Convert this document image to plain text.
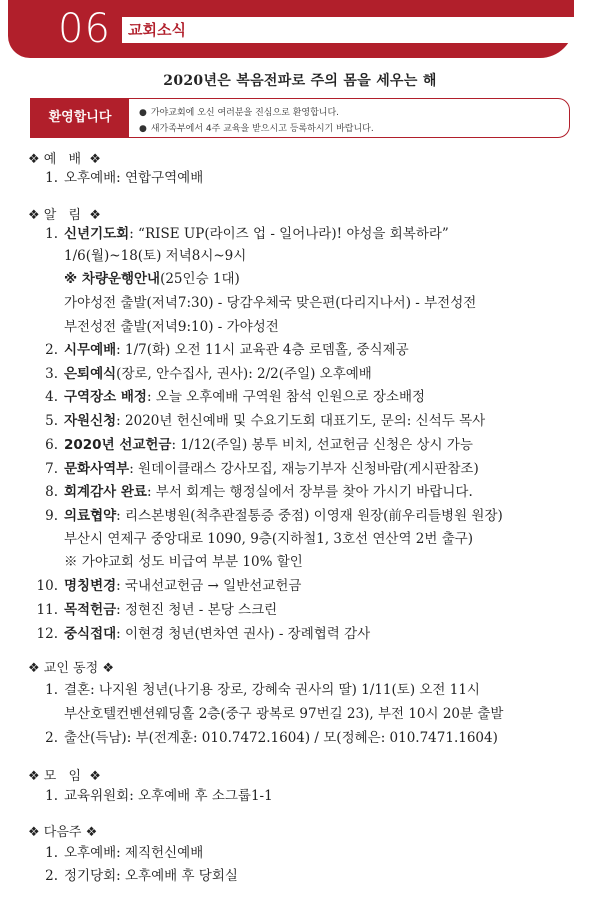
06	교회소식
2020년은 복음전파로 주의 몸을 세우는 해
환영합니다	● 가야교회에 오신 여러분을 진심으로 환영합니다.
● 새가족부에서 4주 교육을 받으시고 등록하시기 바랍니다.
❖ 예 배 ❖
1. 오후예배: 연합구역예배
❖ 알 림 ❖
1. 신년기도회: “RISE UP(라이즈 업 - 일어나라)! 야성을 회복하라”
1/6(월)~18(토) 저녁8시~9시
※ 차량운행안내(25인승 1대)
가야성전 출발(저녁7:30) - 당감우체국 맞은편(다리지나서) - 부전성전
부전성전 출발(저녁9:10) - 가야성전
2. 시무예배: 1/7(화) 오전 11시 교육관 4층 로뎀홀, 중식제공
3. 은퇴예식(장로, 안수집사, 권사): 2/2(주일) 오후예배
4. 구역장소 배정: 오늘 오후예배 구역원 참석 인원으로 장소배정
5. 자원신청: 2020년 헌신예배 및 수요기도회 대표기도, 문의: 신석두 목사
6. 2020년 선교헌금: 1/12(주일) 봉투 비치, 선교헌금 신청은 상시 가능
7. 문화사역부: 원데이클래스 강사모집, 재능기부자 신청바람(게시판참조)
8. 회계감사 완료: 부서 회계는 행정실에서 장부를 찾아 가시기 바랍니다.
9. 의료협약: 리스본병원(척추관절통증 중점) 이영재 원장(前우리들병원 원장)
부산시 연제구 중앙대로 1090, 9층(지하철1, 3호선 연산역 2번 출구)
※ 가야교회 성도 비급여 부분 10% 할인
10. 명칭변경: 국내선교헌금 → 일반선교헌금
11. 목적헌금: 정현진 청년 - 본당 스크린
12. 중식접대: 이현경 청년(변차연 권사) - 장례협력 감사
❖ 교인 동정 ❖
1. 결혼: 나지원 청년(나기용 장로, 강혜숙 권사의 딸) 1/11(토) 오전 11시
부산호텔컨벤션웨딩홀 2층(중구 광복로 97번길 23), 부전 10시 20분 출발
2. 출산(득남): 부(전계훈: 010.7472.1604) / 모(정혜은: 010.7471.1604)
❖ 모 임 ❖
1. 교육위원회: 오후예배 후 소그룹1-1
❖ 다음주 ❖
1. 오후예배: 제직헌신예배
2. 정기당회: 오후예배 후 당회실
